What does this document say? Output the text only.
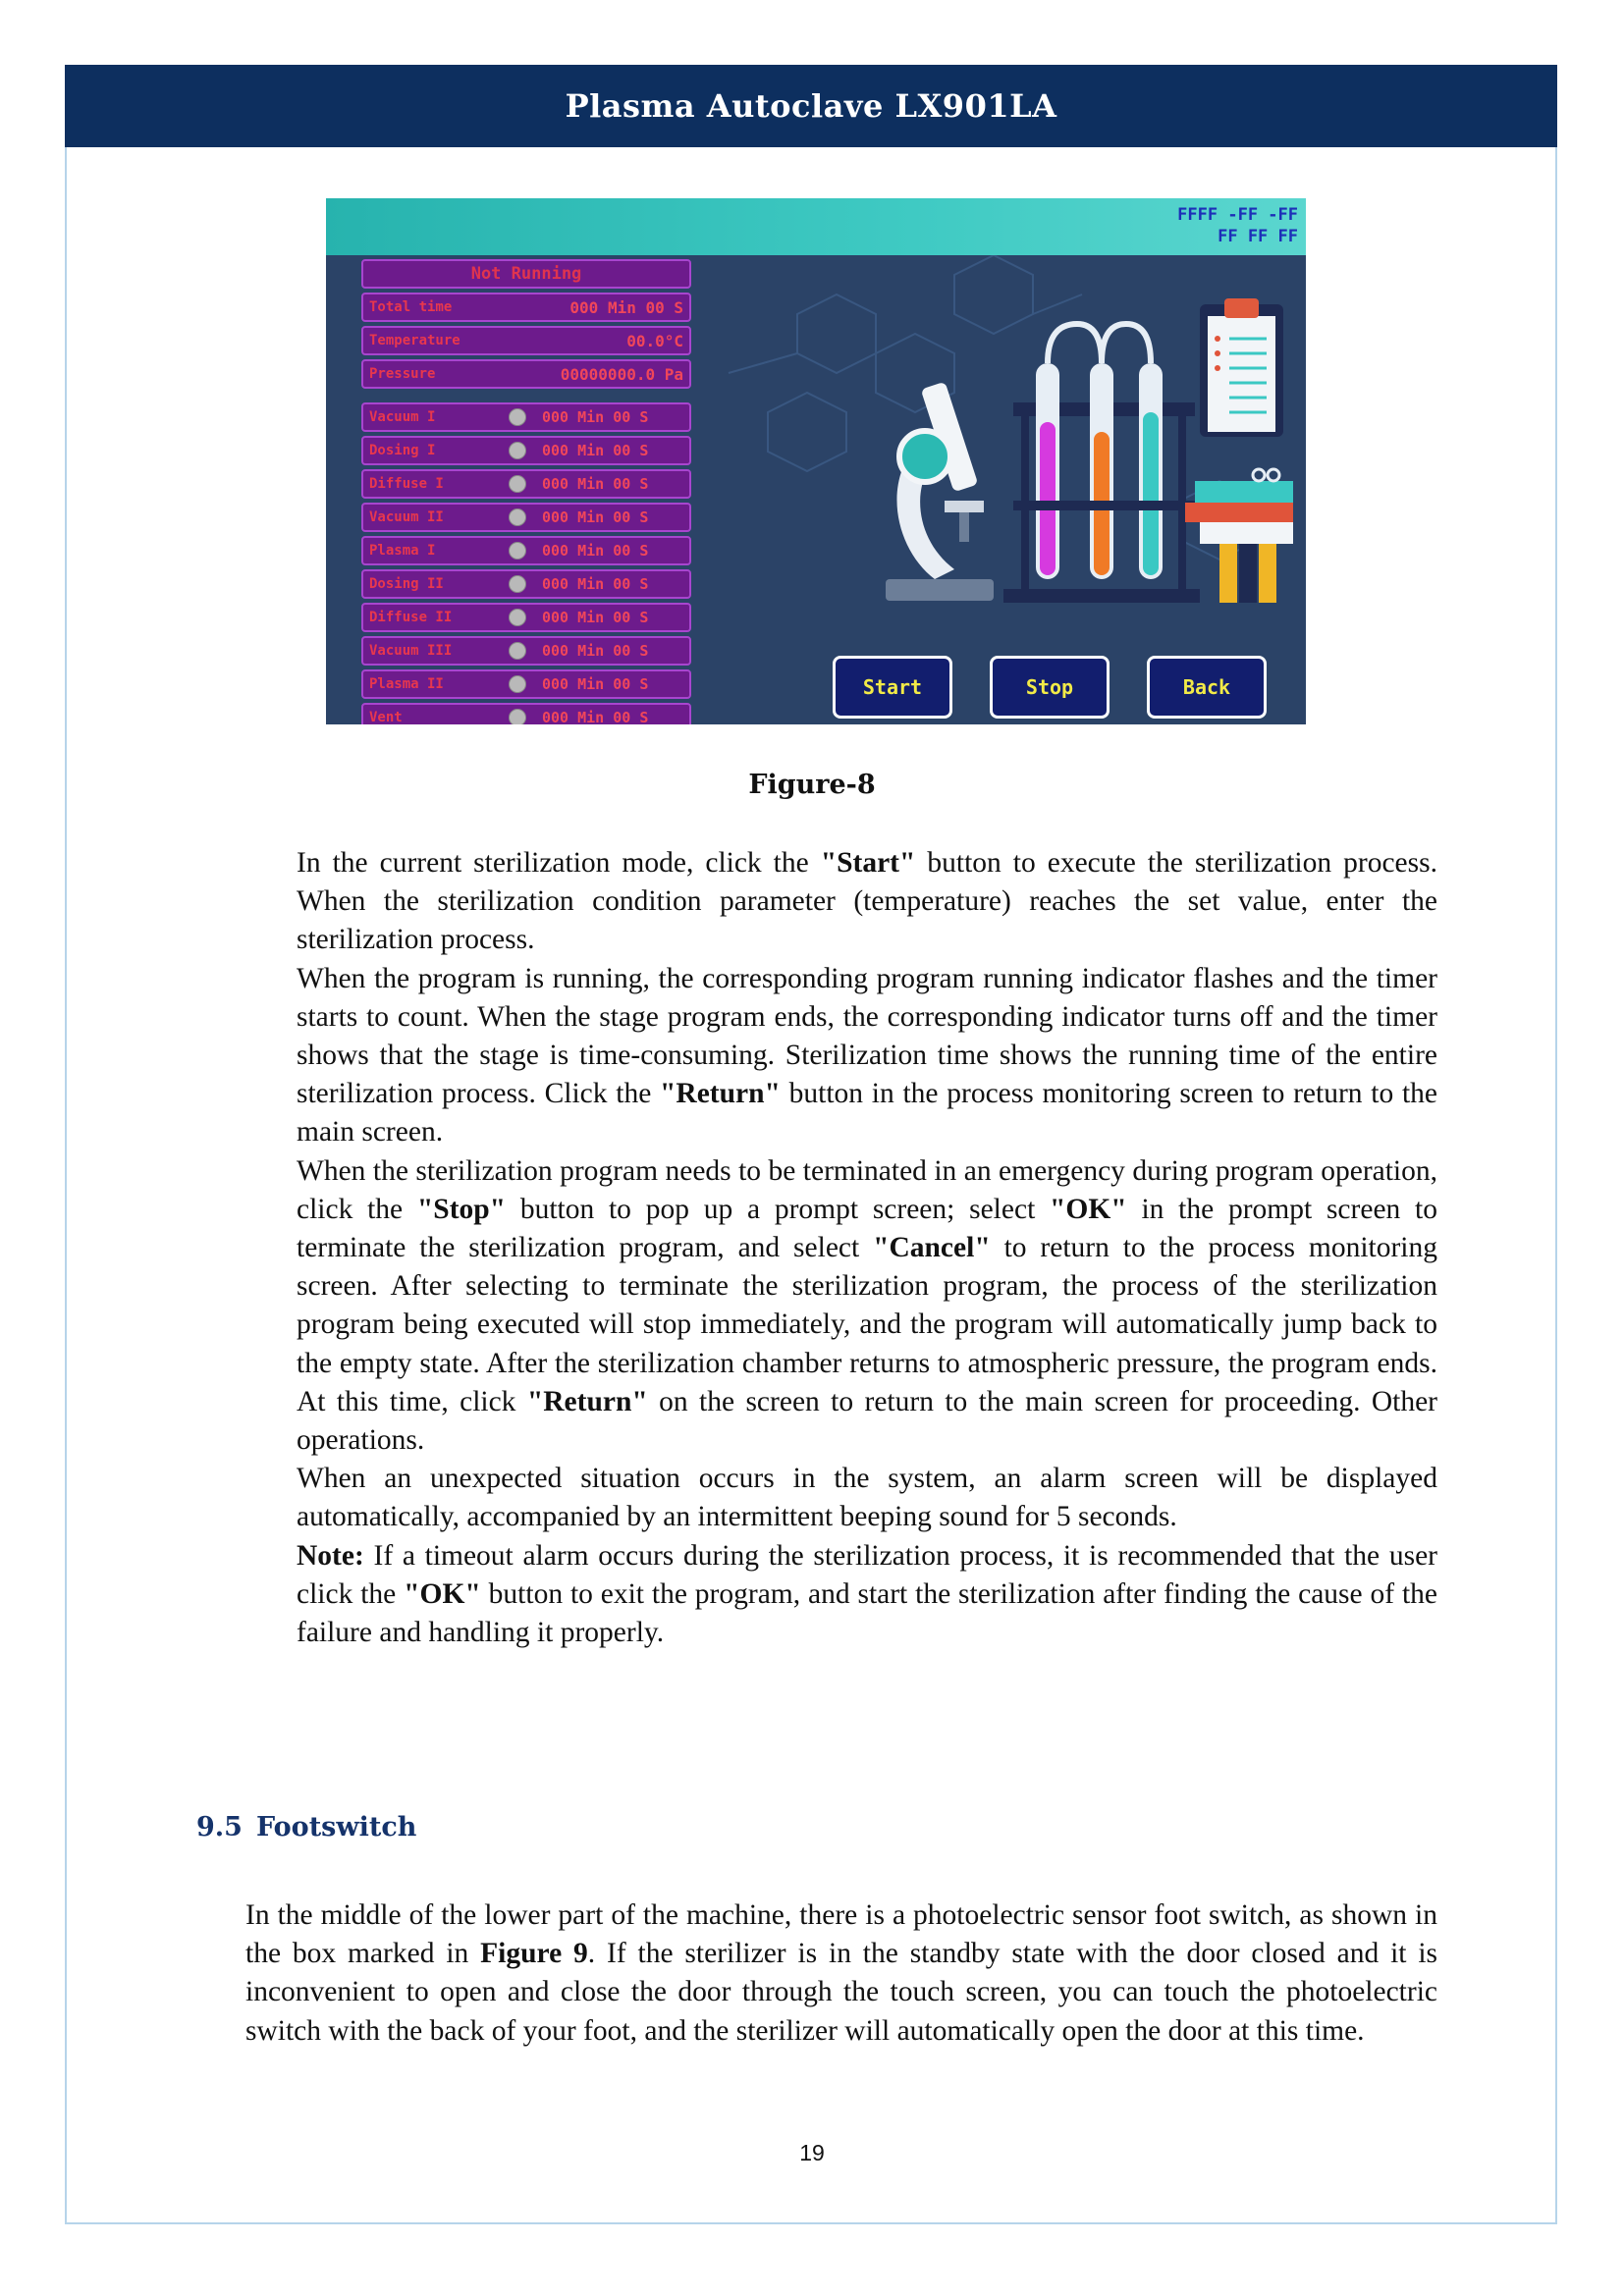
Plasma Autoclave LX901LA
FFFF -FF -FF
FF FF FF
Not Running
Total time	000 Min 00 S
Temperature	00.0°C
Pressure	00000000.0 Pa
Vacuum I	000 Min 00 S
Dosing I	000 Min 00 S
Diffuse I	000 Min 00 S
Vacuum II	000 Min 00 S
Plasma I	000 Min 00 S
Dosing II	000 Min 00 S
Diffuse II	000 Min 00 S
Vacuum III	000 Min 00 S
Plasma II	000 Min 00 S
Vent	000 Min 00 S
Start	Stop	Back
Figure-8

In the current sterilization mode, click the "Start" button to execute the sterilization process. When the sterilization condition parameter (temperature) reaches the set value, enter the sterilization process.

When the program is running, the corresponding program running indicator flashes and the timer starts to count. When the stage program ends, the corresponding indicator turns off and the timer shows that the stage is time-consuming. Sterilization time shows the running time of the entire sterilization process. Click the "Return" button in the process monitoring screen to return to the main screen.

When the sterilization program needs to be terminated in an emergency during program operation, click the "Stop" button to pop up a prompt screen; select "OK" in the prompt screen to terminate the sterilization program, and select "Cancel" to return to the process monitoring screen. After selecting to terminate the sterilization program, the process of the sterilization program being executed will stop immediately, and the program will automatically jump back to the empty state. After the sterilization chamber returns to atmospheric pressure, the program ends. At this time, click "Return" on the screen to return to the main screen for proceeding. Other operations.

When an unexpected situation occurs in the system, an alarm screen will be displayed automatically, accompanied by an intermittent beeping sound for 5 seconds.

Note: If a timeout alarm occurs during the sterilization process, it is recommended that the user click the "OK" button to exit the program, and start the sterilization after finding the cause of the failure and handling it properly.

9.5 Footswitch

In the middle of the lower part of the machine, there is a photoelectric sensor foot switch, as shown in the box marked in Figure 9. If the sterilizer is in the standby state with the door closed and it is inconvenient to open and close the door through the touch screen, you can touch the photoelectric switch with the back of your foot, and the sterilizer will automatically open the door at this time.

19
